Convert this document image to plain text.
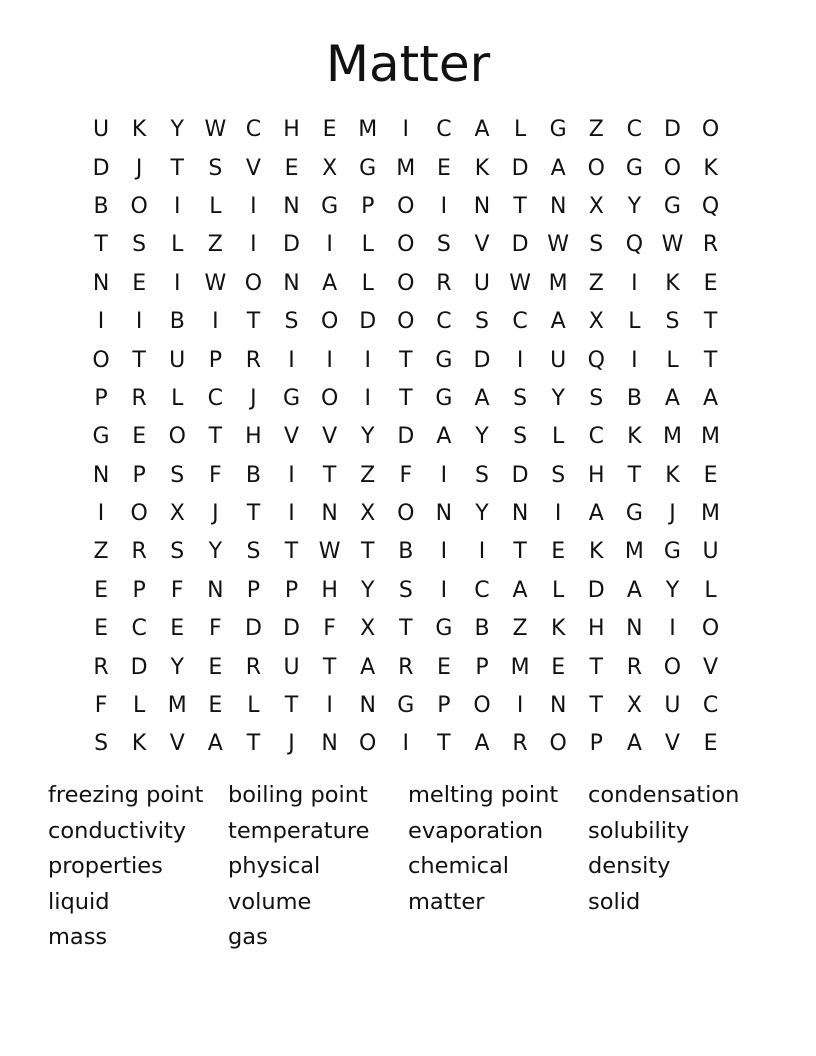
Matter
U	K	Y W C	H	E M	I	C	A	L	G	Z	C D O
D	J	T	S	V	E	X	G M E	K	D	A O G O	K
B O	I	L	I	N G	P	O	I	N	T	N	X	Y	G Q
T	S	L	Z	I	D	I	L	O	S	V	D W S	Q W R
N	E	I	W O N	A	L	O R	U W M Z	I	K	E
I	I	B	I	T	S	O D O C	S	C	A	X	L	S	T
O	T	U	P	R	I	I	I	T	G D	I	U Q	I	L	T
P	R	L	C	J	G O	I	T	G	A	S	Y	S	B	A	A
G	E	O	T	H	V	V	Y	D	A	Y	S	L	C	K M M
N	P	S	F	B	I	T	Z	F	I	S	D	S	H	T	K	E
I	O X	J	T	I	N	X O N	Y	N	I	A	G	J	M
Z	R	S	Y	S	T W T	B	I	I	T	E	K M G U
E	P	F	N	P	P	H	Y	S	I	C	A	L	D	A	Y	L
E	C	E	F	D D	F	X	T	G	B	Z	K	H N	I	O
R D	Y	E	R	U	T	A	R	E	P M E	T	R O V
F	L	M E	L	T	I	N G	P	O	I	N	T	X	U	C
S	K	V	A	T	J	N O	I	T	A	R O	P	A	V	E
freezing point	boiling point	melting point	condensation
conductivity	temperature	evaporation	solubility
properties	physical	chemical	density
liquid	volume	matter	solid
mass	gas
